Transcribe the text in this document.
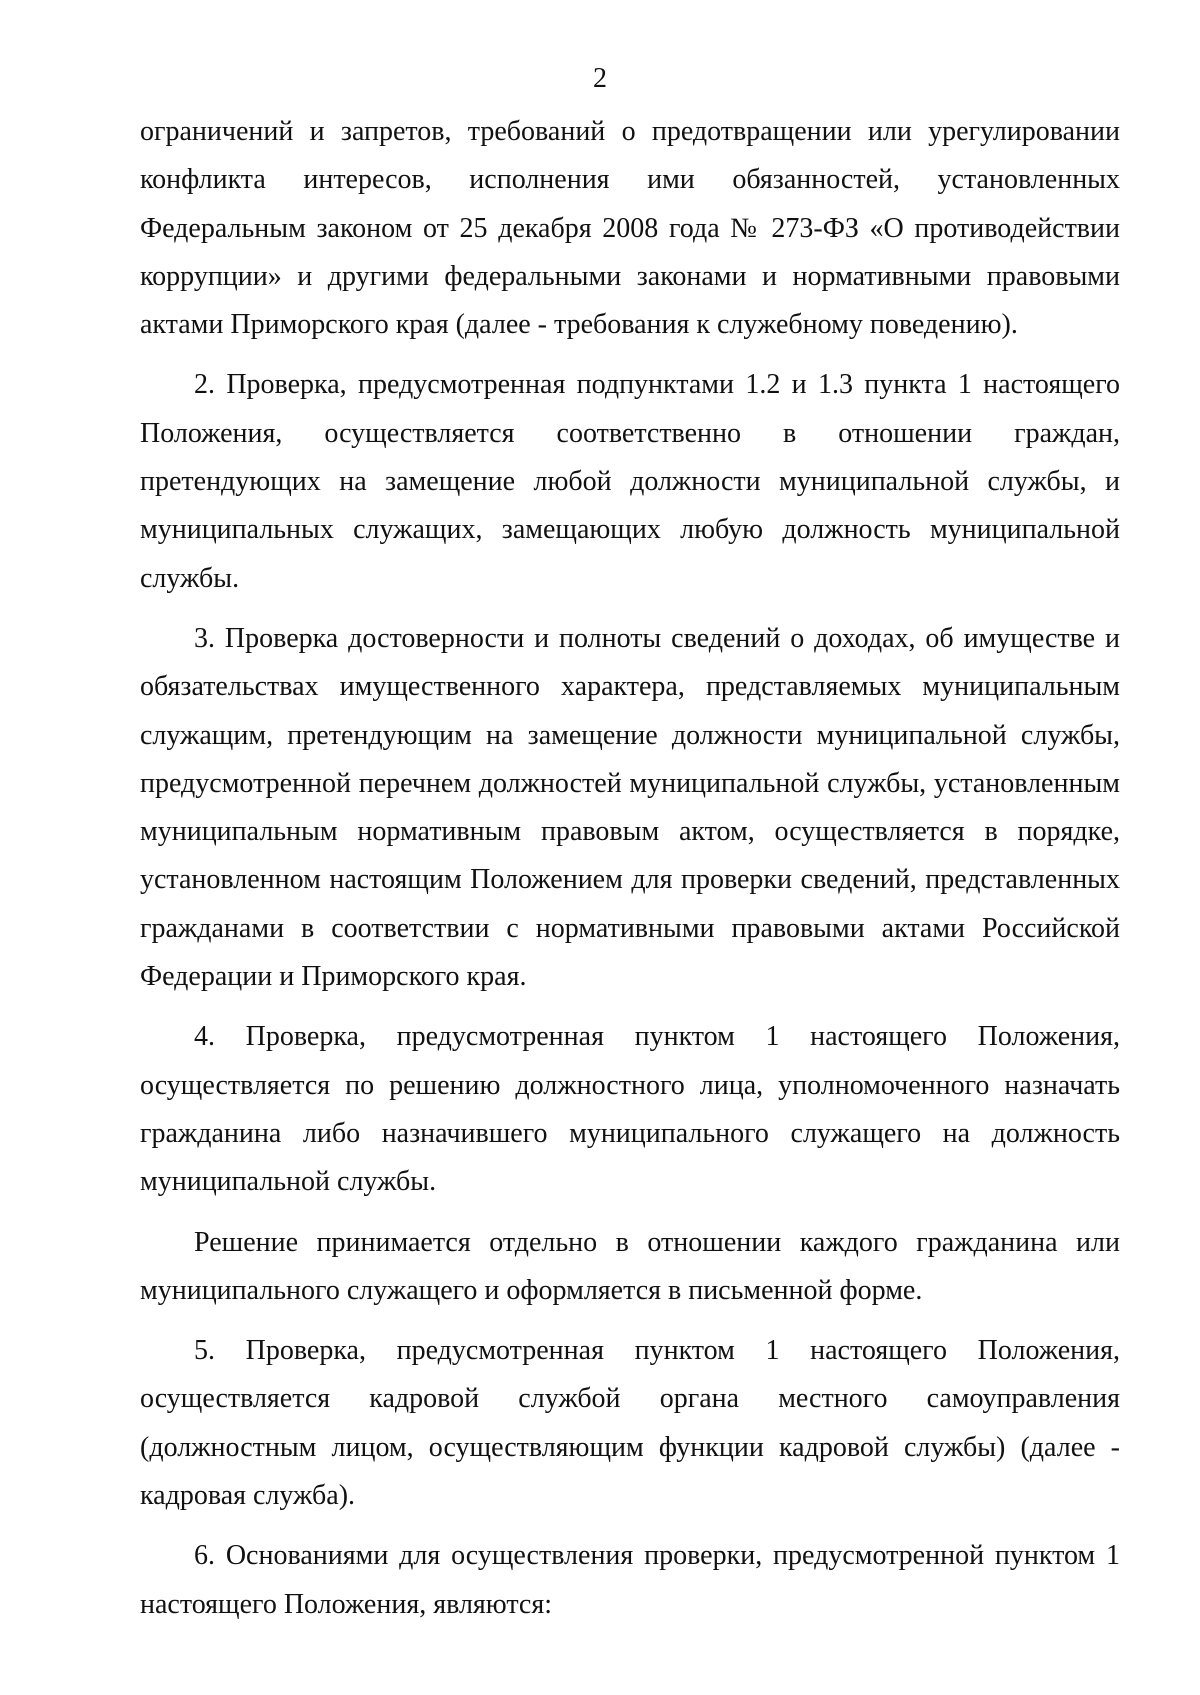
2

ограничений и запретов, требований о предотвращении или урегулировании конфликта интересов, исполнения ими обязанностей, установленных Федеральным законом от 25 декабря 2008 года № 273-ФЗ «О противодействии коррупции» и другими федеральными законами и нормативными правовыми актами Приморского края (далее - требования к служебному поведению).

2. Проверка, предусмотренная подпунктами 1.2 и 1.3 пункта 1 настоящего Положения, осуществляется соответственно в отношении граждан, претендующих на замещение любой должности муниципальной службы, и муниципальных служащих, замещающих любую должность муниципальной службы.

3. Проверка достоверности и полноты сведений о доходах, об имуществе и обязательствах имущественного характера, представляемых муниципальным служащим, претендующим на замещение должности муниципальной службы, предусмотренной перечнем должностей муниципальной службы, установленным муниципальным нормативным правовым актом, осуществляется в порядке, установленном настоящим Положением для проверки сведений, представленных гражданами в соответствии с нормативными правовыми актами Российской Федерации и Приморского края.

4. Проверка, предусмотренная пунктом 1 настоящего Положения, осуществляется по решению должностного лица, уполномоченного назначать гражданина либо назначившего муниципального служащего на должность муниципальной службы.

Решение принимается отдельно в отношении каждого гражданина или муниципального служащего и оформляется в письменной форме.

5. Проверка, предусмотренная пунктом 1 настоящего Положения, осуществляется кадровой службой органа местного самоуправления (должностным лицом, осуществляющим функции кадровой службы) (далее - кадровая служба).

6. Основаниями для осуществления проверки, предусмотренной пунктом 1 настоящего Положения, являются:
